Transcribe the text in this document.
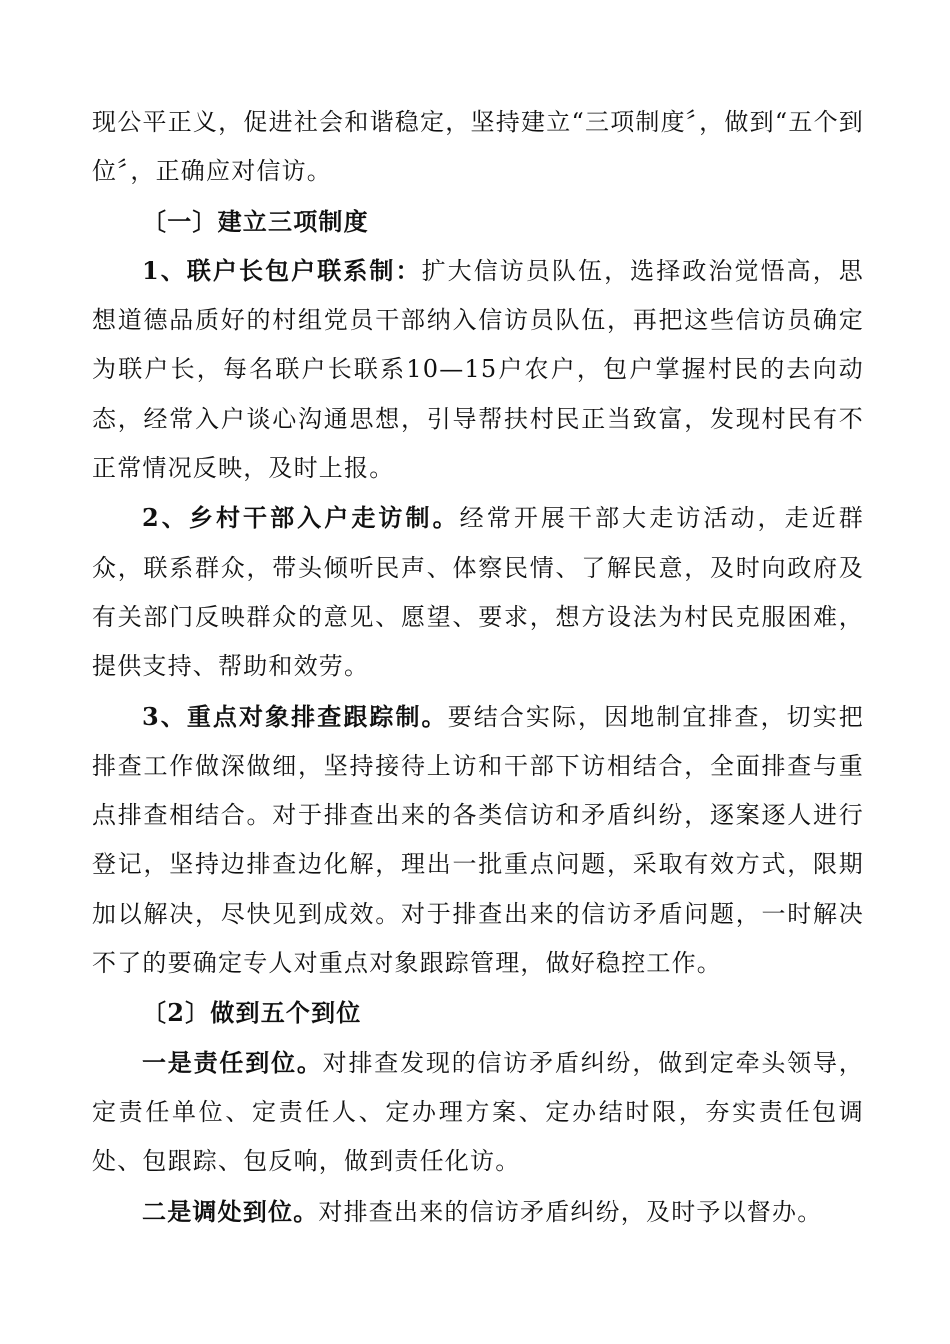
现公平正义，促进社会和谐稳定，坚持建立“三项制度〞，做到“五个到位〞，正确应对信访。

〔一〕建立三项制度

1、联户长包户联系制：扩大信访员队伍，选择政治觉悟高，思想道德品质好的村组党员干部纳入信访员队伍，再把这些信访员确定为联户长，每名联户长联系10—15户农户，包户掌握村民的去向动态，经常入户谈心沟通思想，引导帮扶村民正当致富，发现村民有不正常情况反映，及时上报。

2、乡村干部入户走访制。经常开展干部大走访活动，走近群众，联系群众，带头倾听民声、体察民情、了解民意，及时向政府及有关部门反映群众的意见、愿望、要求，想方设法为村民克服困难，提供支持、帮助和效劳。

3、重点对象排查跟踪制。要结合实际，因地制宜排查，切实把排查工作做深做细，坚持接待上访和干部下访相结合，全面排查与重点排查相结合。对于排查出来的各类信访和矛盾纠纷，逐案逐人进行登记，坚持边排查边化解，理出一批重点问题，采取有效方式，限期加以解决，尽快见到成效。对于排查出来的信访矛盾问题，一时解决不了的要确定专人对重点对象跟踪管理，做好稳控工作。

〔2〕做到五个到位

一是责任到位。对排查发现的信访矛盾纠纷，做到定牵头领导，定责任单位、定责任人、定办理方案、定办结时限，夯实责任包调处、包跟踪、包反响，做到责任化访。

二是调处到位。对排查出来的信访矛盾纠纷，及时予以督办。
